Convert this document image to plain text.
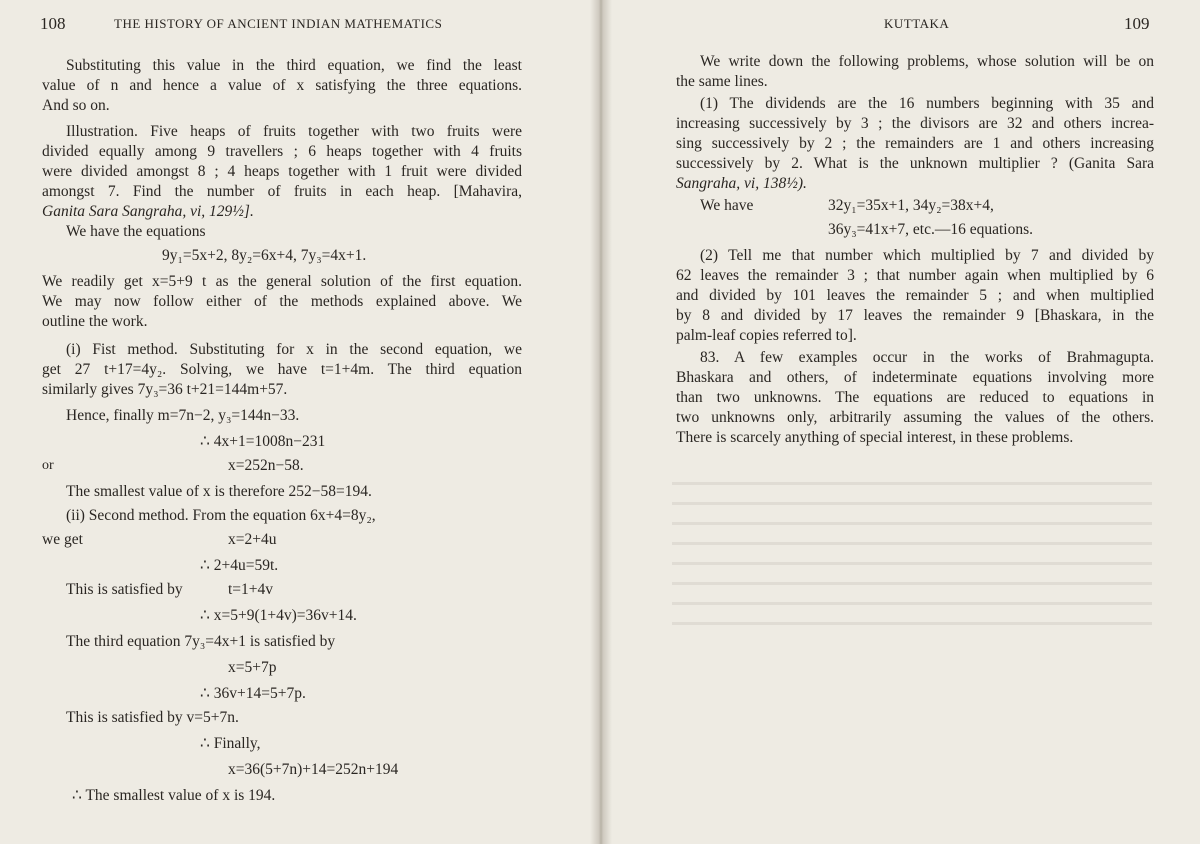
108	THE HISTORY OF ANCIENT INDIAN MATHEMATICS
Substituting this value in the third equation, we find the least
value of n and hence a value of x satisfying the three equations.
And so on.
Illustration. Five heaps of fruits together with two fruits were
divided equally among 9 travellers ; 6 heaps together with 4 fruits
were divided amongst 8 ; 4 heaps together with 1 fruit were divided
amongst 7. Find the number of fruits in each heap. [Mahavira,
Ganita Sara Sangraha, vi, 129½].
We have the equations
9y₁=5x+2, 8y₂=6x+4, 7y₃=4x+1.
We readily get x=5+9 t as the general solution of the first equation.
We may now follow either of the methods explained above. We
outline the work.
(i) Fist method. Substituting for x in the second equation, we
get 27 t+17=4y₂. Solving, we have t=1+4m. The third equation
similarly gives 7y₃=36 t+21=144m+57.
Hence, finally m=7n−2, y₃=144n−33.
∴ 4x+1=1008n−231
or	x=252n−58.
The smallest value of x is therefore 252−58=194.
(ii) Second method. From the equation 6x+4=8y₂,
we get	x=2+4u
∴ 2+4u=59t.
This is satisfied by	t=1+4v
∴ x=5+9(1+4v)=36v+14.
The third equation 7y₃=4x+1 is satisfied by
x=5+7p
∴ 36v+14=5+7p.
This is satisfied by v=5+7n.
∴ Finally,
x=36(5+7n)+14=252n+194
∴ The smallest value of x is 194.
KUTTAKA	109
We write down the following problems, whose solution will be on
the same lines.
(1) The dividends are the 16 numbers beginning with 35 and
increasing successively by 3 ; the divisors are 32 and others increa-
sing successively by 2 ; the remainders are 1 and others increasing
successively by 2. What is the unknown multiplier ? (Ganita Sara
Sangraha, vi, 138½).
We have	32y₁=35x+1, 34y₂=38x+4,
36y₃=41x+7, etc.—16 equations.
(2) Tell me that number which multiplied by 7 and divided by
62 leaves the remainder 3 ; that number again when multiplied by 6
and divided by 101 leaves the remainder 5 ; and when multiplied
by 8 and divided by 17 leaves the remainder 9 [Bhaskara, in the
palm-leaf copies referred to].
83. A few examples occur in the works of Brahmagupta.
Bhaskara and others, of indeterminate equations involving more
than two unknowns. The equations are reduced to equations in
two unknowns only, arbitrarily assuming the values of the others.
There is scarcely anything of special interest, in these problems.
